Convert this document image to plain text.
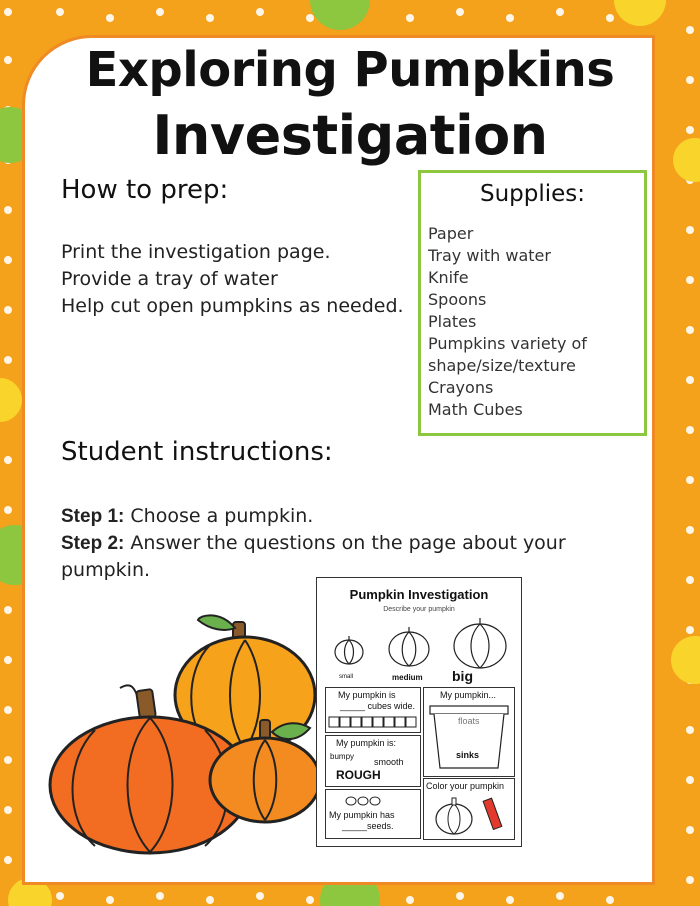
Exploring Pumpkins
Investigation
How to prep:
Print the investigation page.
Provide a tray of water
Help cut open pumpkins as needed.
Supplies:
Paper
Tray with water
Knife
Spoons
Plates
Pumpkins variety of
shape/size/texture
Crayons
Math Cubes
Student instructions:
Step 1: Choose a pumpkin.
Step 2: Answer the questions on the page about your pumpkin.
Pumpkin Investigation
Describe your pumpkin
small	medium big
My pumpkin is
_____ cubes wide.
My pumpkin...
floats
sinks
My pumpkin is:
bumpy
smooth
ROUGH
Color your pumpkin
My pumpkin has
_____seeds.
